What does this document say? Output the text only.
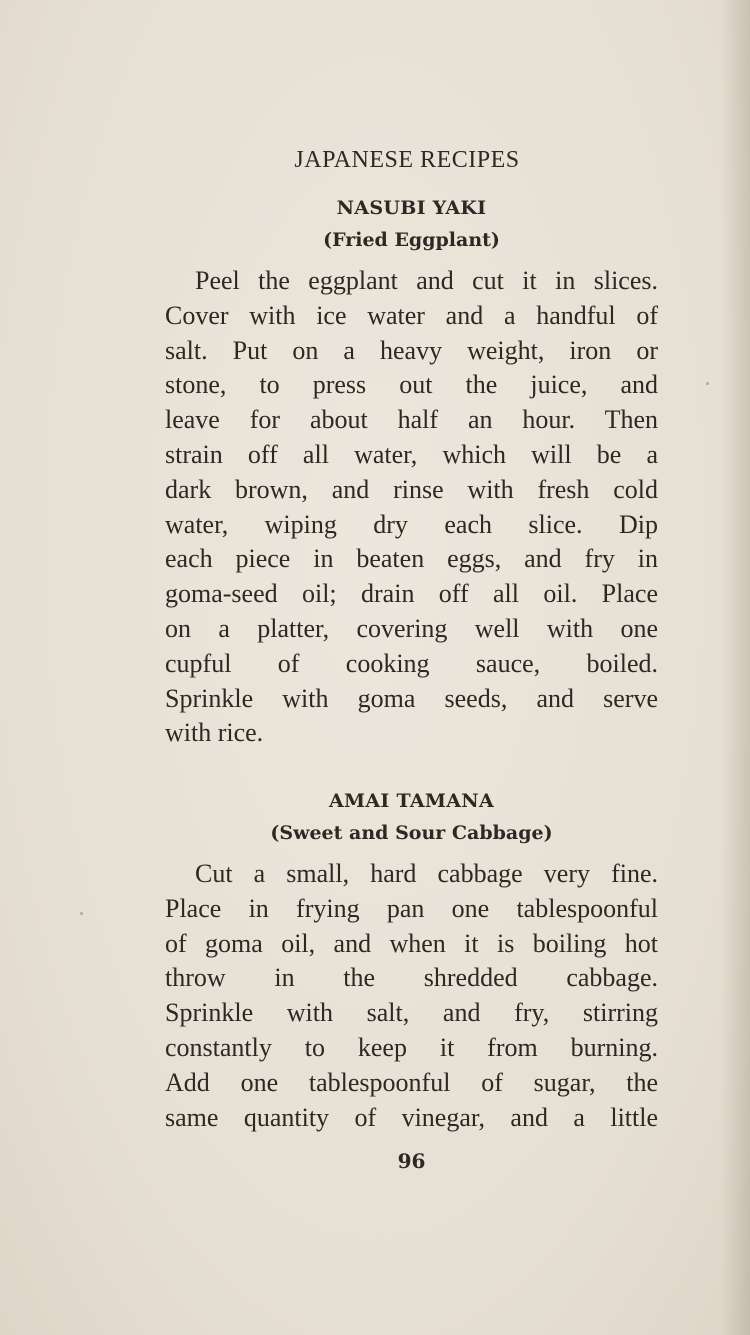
JAPANESE RECIPES
NASUBI YAKI
(Fried Eggplant)
Peel the eggplant and cut it in slices.
Cover with ice water and a handful of
salt. Put on a heavy weight, iron or
stone, to press out the juice, and
leave for about half an hour. Then
strain off all water, which will be a
dark brown, and rinse with fresh cold
water, wiping dry each slice. Dip
each piece in beaten eggs, and fry in
goma-seed oil; drain off all oil. Place
on a platter, covering well with one
cupful of cooking sauce, boiled.
Sprinkle with goma seeds, and serve
with rice.
AMAI TAMANA
(Sweet and Sour Cabbage)
Cut a small, hard cabbage very fine.
Place in frying pan one tablespoonful
of goma oil, and when it is boiling hot
throw in the shredded cabbage.
Sprinkle with salt, and fry, stirring
constantly to keep it from burning.
Add one tablespoonful of sugar, the
same quantity of vinegar, and a little
96
